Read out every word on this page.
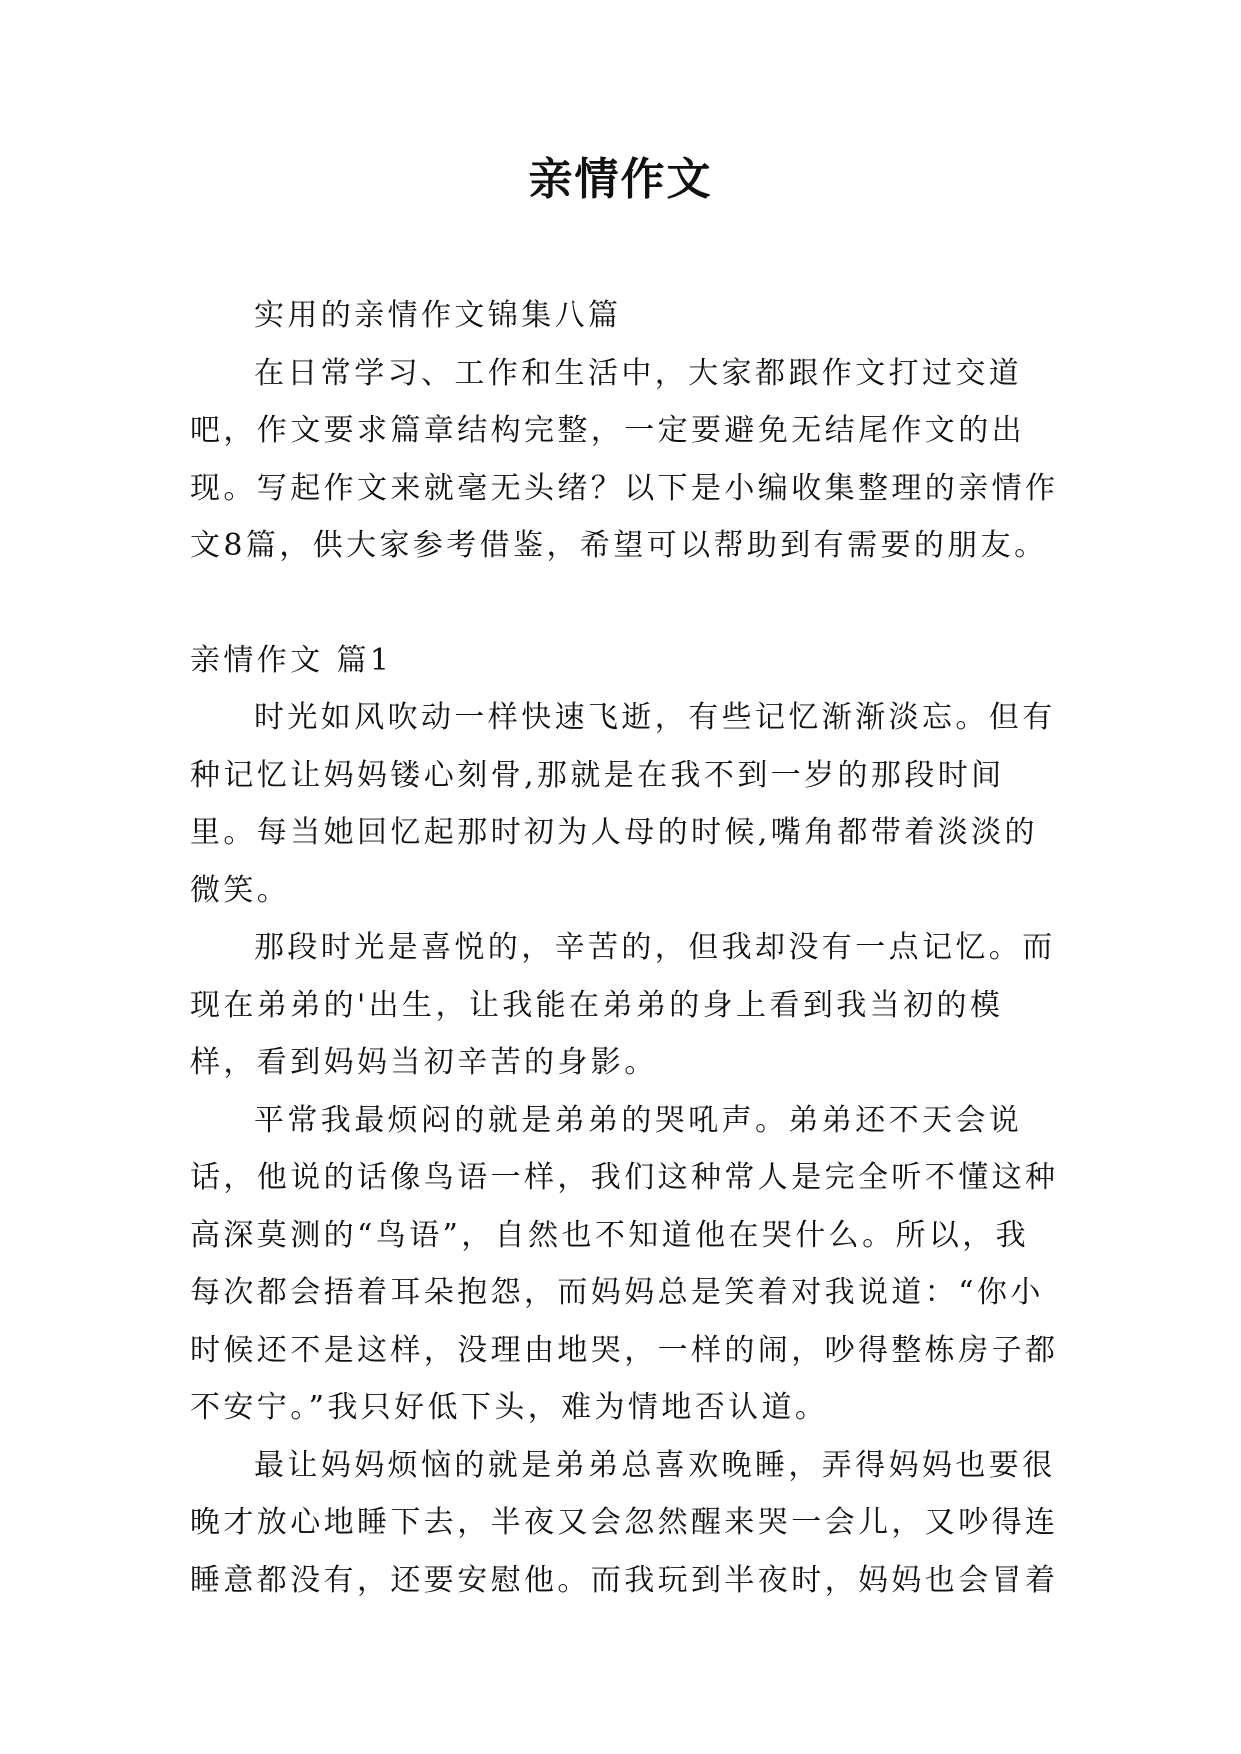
亲情作文

实用的亲情作文锦集八篇

在日常学习、工作和生活中，大家都跟作文打过交道吧，作文要求篇章结构完整，一定要避免无结尾作文的出现。写起作文来就毫无头绪？以下是小编收集整理的亲情作文8篇，供大家参考借鉴，希望可以帮助到有需要的朋友。

亲情作文 篇1

时光如风吹动一样快速飞逝，有些记忆渐渐淡忘。但有种记忆让妈妈镂心刻骨,那就是在我不到一岁的那段时间里。每当她回忆起那时初为人母的时候,嘴角都带着淡淡的微笑。

那段时光是喜悦的，辛苦的，但我却没有一点记忆。而现在弟弟的'出生，让我能在弟弟的身上看到我当初的模样，看到妈妈当初辛苦的身影。

平常我最烦闷的就是弟弟的哭吼声。弟弟还不天会说话，他说的话像鸟语一样，我们这种常人是完全听不懂这种高深莫测的“鸟语”，自然也不知道他在哭什么。所以，我每次都会捂着耳朵抱怨，而妈妈总是笑着对我说道：“你小时候还不是这样，没理由地哭，一样的闹，吵得整栋房子都不安宁。”我只好低下头，难为情地否认道。

最让妈妈烦恼的就是弟弟总喜欢晚睡，弄得妈妈也要很晚才放心地睡下去，半夜又会忽然醒来哭一会儿，又吵得连睡意都没有，还要安慰他。而我玩到半夜时，妈妈也会冒着
